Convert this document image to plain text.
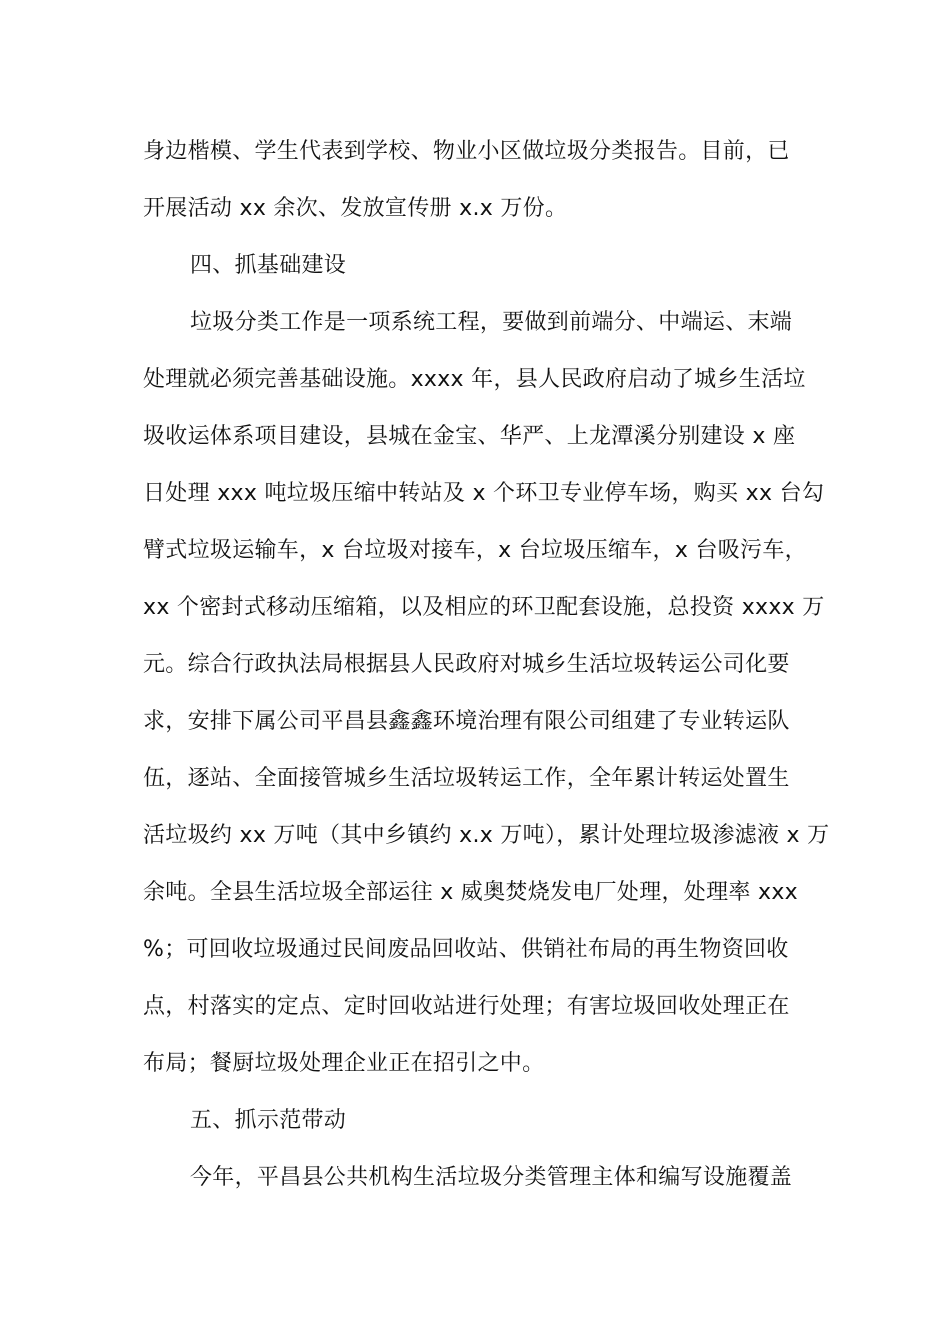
身边楷模、学生代表到学校、物业小区做垃圾分类报告。目前，已
开展活动 xx 余次、发放宣传册 x.x 万份。
四、抓基础建设
垃圾分类工作是一项系统工程，要做到前端分、中端运、末端
处理就必须完善基础设施。xxxx 年，县人民政府启动了城乡生活垃
圾收运体系项目建设，县城在金宝、华严、上龙潭溪分别建设 x 座
日处理 xxx 吨垃圾压缩中转站及 x 个环卫专业停车场，购买 xx 台勾
臂式垃圾运输车，x 台垃圾对接车，x 台垃圾压缩车，x 台吸污车，
xx 个密封式移动压缩箱，以及相应的环卫配套设施，总投资 xxxx 万
元。综合行政执法局根据县人民政府对城乡生活垃圾转运公司化要
求，安排下属公司平昌县鑫鑫环境治理有限公司组建了专业转运队
伍，逐站、全面接管城乡生活垃圾转运工作，全年累计转运处置生
活垃圾约 xx 万吨（其中乡镇约 x.x 万吨），累计处理垃圾渗滤液 x 万
余吨。全县生活垃圾全部运往 x 威奥焚烧发电厂处理，处理率 xxx
%；可回收垃圾通过民间废品回收站、供销社布局的再生物资回收
点，村落实的定点、定时回收站进行处理；有害垃圾回收处理正在
布局；餐厨垃圾处理企业正在招引之中。
五、抓示范带动
今年，平昌县公共机构生活垃圾分类管理主体和编写设施覆盖
